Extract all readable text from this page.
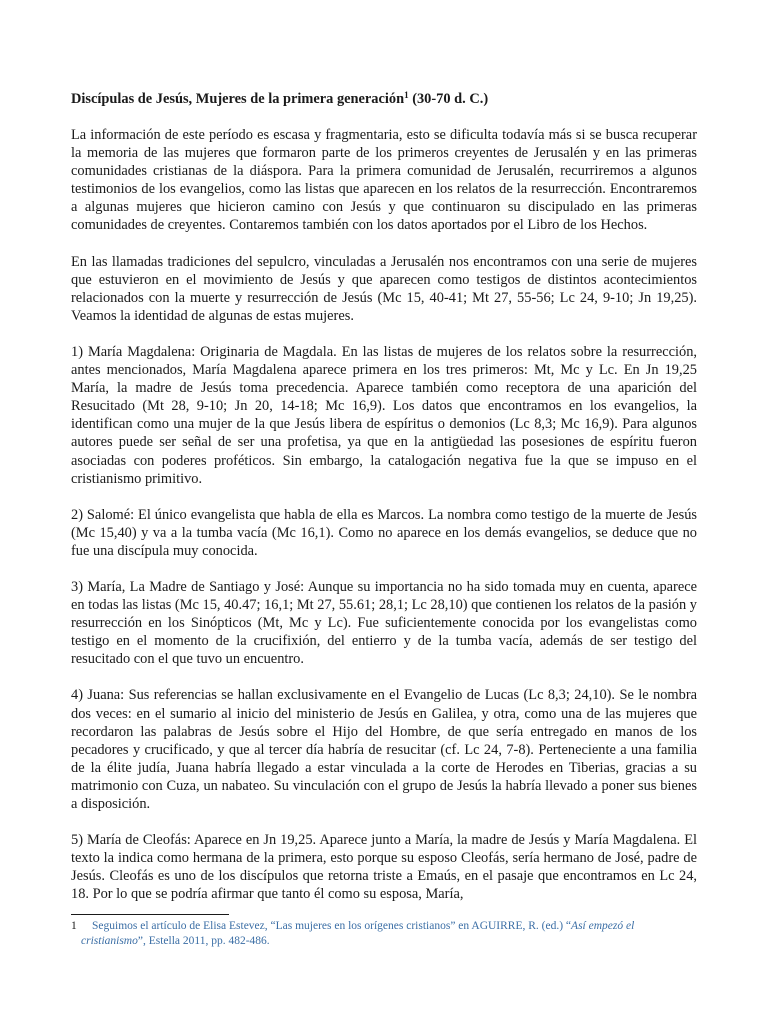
Discípulas de Jesús, Mujeres de la primera generación$^1$ (30-70 d. C.)

La información de este período es escasa y fragmentaria, esto se dificulta todavía más si se busca recuperar la memoria de las mujeres que formaron parte de los primeros creyentes de Jerusalén y en las primeras comunidades cristianas de la diáspora. Para la primera comunidad de Jerusalén, recurriremos a algunos testimonios de los evangelios, como las listas que aparecen en los relatos de la resurrección. Encontraremos a algunas mujeres que hicieron camino con Jesús y que continuaron su discipulado en las primeras comunidades de creyentes. Contaremos también con los datos aportados por el Libro de los Hechos.

En las llamadas tradiciones del sepulcro, vinculadas a Jerusalén nos encontramos con una serie de mujeres que estuvieron en el movimiento de Jesús y que aparecen como testigos de distintos acontecimientos relacionados con la muerte y resurrección de Jesús (Mc 15, 40-41; Mt 27, 55-56; Lc 24, 9-10; Jn 19,25). Veamos la identidad de algunas de estas mujeres.

1) María Magdalena: Originaria de Magdala. En las listas de mujeres de los relatos sobre la resurrección, antes mencionados, María Magdalena aparece primera en los tres primeros: Mt, Mc y Lc. En Jn 19,25 María, la madre de Jesús toma precedencia. Aparece también como receptora de una aparición del Resucitado (Mt 28, 9-10; Jn 20, 14-18; Mc 16,9). Los datos que encontramos en los evangelios, la identifican como una mujer de la que Jesús libera de espíritus o demonios (Lc 8,3; Mc 16,9). Para algunos autores puede ser señal de ser una profetisa, ya que en la antigüedad las posesiones de espíritu fueron asociadas con poderes proféticos. Sin embargo, la catalogación negativa fue la que se impuso en el cristianismo primitivo.

2) Salomé: El único evangelista que habla de ella es Marcos. La nombra como testigo de la muerte de Jesús (Mc 15,40) y va a la tumba vacía (Mc 16,1). Como no aparece en los demás evangelios, se deduce que no fue una discípula muy conocida.

3) María, La Madre de Santiago y José: Aunque su importancia no ha sido tomada muy en cuenta, aparece en todas las listas (Mc 15, 40.47; 16,1; Mt 27, 55.61; 28,1; Lc 28,10) que contienen los relatos de la pasión y resurrección en los Sinópticos (Mt, Mc y Lc). Fue suficientemente conocida por los evangelistas como testigo en el momento de la crucifixión, del entierro y de la tumba vacía, además de ser testigo del resucitado con el que tuvo un encuentro.

4) Juana: Sus referencias se hallan exclusivamente en el Evangelio de Lucas (Lc 8,3; 24,10). Se le nombra dos veces: en el sumario al inicio del ministerio de Jesús en Galilea, y otra, como una de las mujeres que recordaron las palabras de Jesús sobre el Hijo del Hombre, de que sería entregado en manos de los pecadores y crucificado, y que al tercer día habría de resucitar (cf. Lc 24, 7-8). Perteneciente a una familia de la élite judía, Juana habría llegado a estar vinculada a la corte de Herodes en Tiberias, gracias a su matrimonio con Cuza, un nabateo. Su vinculación con el grupo de Jesús la habría llevado a poner sus bienes a disposición.

5) María de Cleofás: Aparece en Jn 19,25. Aparece junto a María, la madre de Jesús y María Magdalena. El texto la indica como hermana de la primera, esto porque su esposo Cleofás, sería hermano de José, padre de Jesús. Cleofás es uno de los discípulos que retorna triste a Emaús, en el pasaje que encontramos en Lc 24, 18. Por lo que se podría afirmar que tanto él como su esposa, María,

1	Seguimos el artículo de Elisa Estevez, “Las mujeres en los orígenes cristianos” en AGUIRRE, R. (ed.) “Así empezó el cristianismo”, Estella 2011, pp. 482-486.
